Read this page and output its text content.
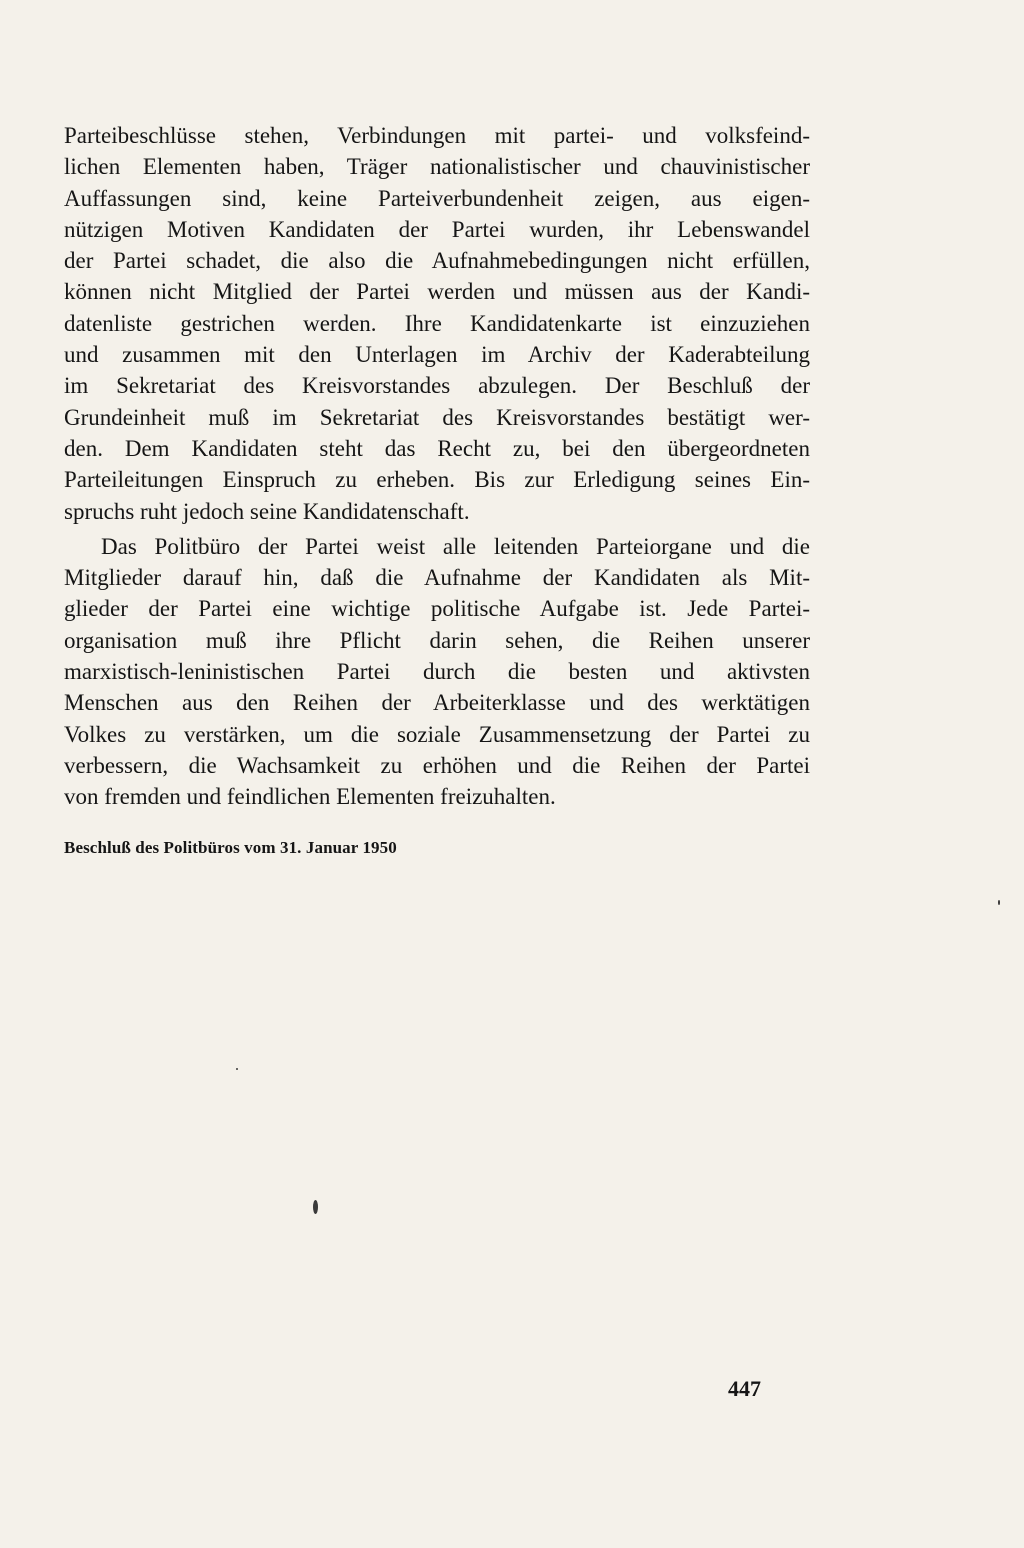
Parteibeschlüsse stehen, Verbindungen mit partei- und volksfeind-
lichen Elementen haben, Träger nationalistischer und chauvinistischer
Auffassungen sind, keine Parteiverbundenheit zeigen, aus eigen-
nützigen Motiven Kandidaten der Partei wurden, ihr Lebenswandel
der Partei schadet, die also die Aufnahmebedingungen nicht erfüllen,
können nicht Mitglied der Partei werden und müssen aus der Kandi-
datenliste gestrichen werden. Ihre Kandidatenkarte ist einzuziehen
und zusammen mit den Unterlagen im Archiv der Kaderabteilung
im Sekretariat des Kreisvorstandes abzulegen. Der Beschluß der
Grundeinheit muß im Sekretariat des Kreisvorstandes bestätigt wer-
den. Dem Kandidaten steht das Recht zu, bei den übergeordneten
Parteileitungen Einspruch zu erheben. Bis zur Erledigung seines Ein-
spruchs ruht jedoch seine Kandidatenschaft.
Das Politbüro der Partei weist alle leitenden Parteiorgane und die
Mitglieder darauf hin, daß die Aufnahme der Kandidaten als Mit-
glieder der Partei eine wichtige politische Aufgabe ist. Jede Partei-
organisation muß ihre Pflicht darin sehen, die Reihen unserer
marxistisch-leninistischen Partei durch die besten und aktivsten
Menschen aus den Reihen der Arbeiterklasse und des werktätigen
Volkes zu verstärken, um die soziale Zusammensetzung der Partei zu
verbessern, die Wachsamkeit zu erhöhen und die Reihen der Partei
von fremden und feindlichen Elementen freizuhalten.
Beschluß des Politbüros vom 31. Januar 1950
447
